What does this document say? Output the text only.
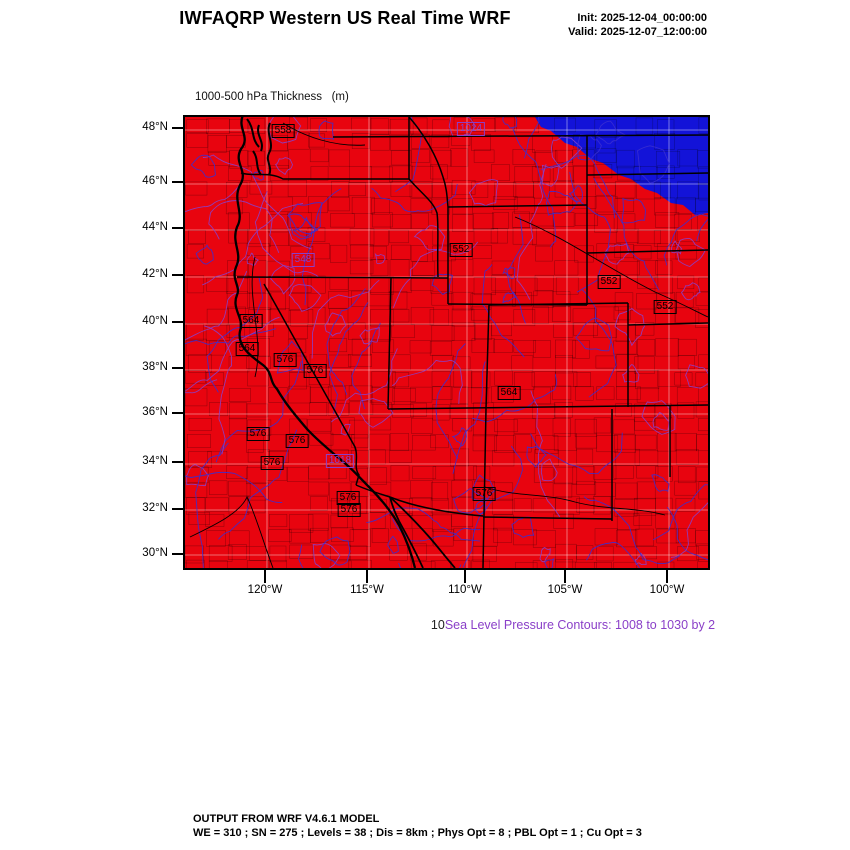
IWFAQRP Western US Real Time WRF	Init: 2025-12-04_00:00:00
Valid: 2025-12-07_12:00:00

1000-500 hPa Thickness   (m)

558	1014
552
548
552
552
564
564
576
576
564
576
576
576	1018
576
576
576

10Sea Level Pressure Contours: 1008 to 1030 by 2

OUTPUT FROM WRF V4.6.1 MODEL
WE = 310 ; SN = 275 ; Levels = 38 ; Dis = 8km ; Phys Opt = 8 ; PBL Opt = 1 ; Cu Opt = 3
48°N
46°N
44°N
42°N
40°N
38°N
36°N
34°N
32°N
30°N
120°W	115°W	110°W	105°W	100°W
